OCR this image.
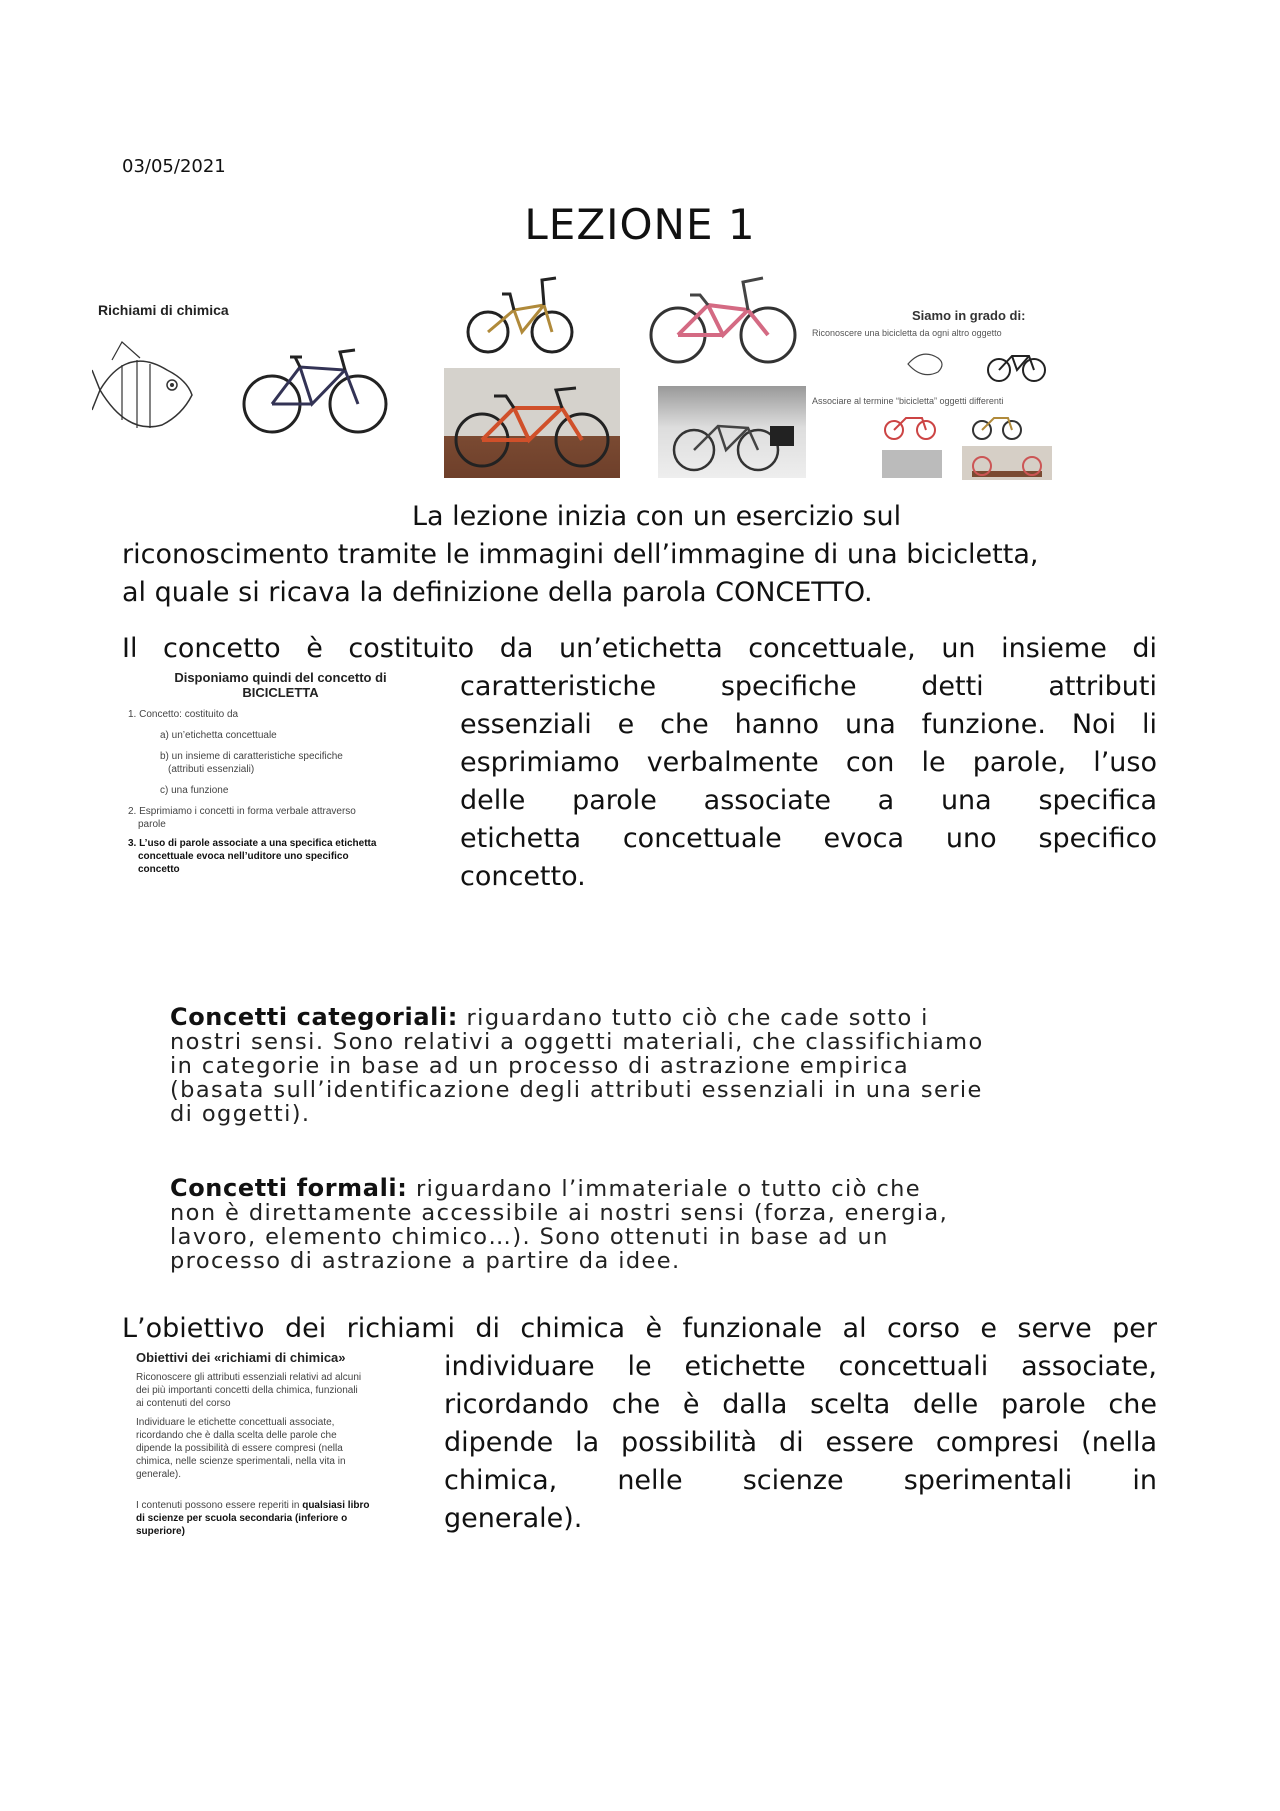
03/05/2021
LEZIONE 1
Richiami di chimica	Siamo in grado di:
Riconoscere una bicicletta da ogni altro oggetto
Associare al termine “bicicletta” oggetti differenti
La lezione inizia con un esercizio sul
riconoscimento tramite le immagini dell’immagine di una bicicletta,
al quale si ricava la definizione della parola CONCETTO.
Il concetto è costituito da un’etichetta concettuale, un insieme di
Disponiamo quindi del concetto di
BICICLETTA
1. Concetto: costituito da
a) un’etichetta concettuale
b) un insieme di caratteristiche specifiche
(attributi essenziali)
c) una funzione
2. Esprimiamo i concetti in forma verbale attraverso
parole
3. L’uso di parole associate a una specifica etichetta
concettuale evoca nell’uditore uno specifico
concetto
caratteristiche specifiche detti attributi
essenziali e che hanno una funzione. Noi li
esprimiamo verbalmente con le parole, l’uso
delle parole associate a una specifica
etichetta concettuale evoca uno specifico
concetto.
Concetti categoriali: riguardano tutto ciò che cade sotto i
nostri sensi. Sono relativi a oggetti materiali, che classifichiamo
in categorie in base ad un processo di astrazione empirica
(basata sull’identificazione degli attributi essenziali in una serie
di oggetti).
Concetti formali: riguardano l’immateriale o tutto ciò che
non è direttamente accessibile ai nostri sensi (forza, energia,
lavoro, elemento chimico…). Sono ottenuti in base ad un
processo di astrazione a partire da idee.
L’obiettivo dei richiami di chimica è funzionale al corso e serve per
Obiettivi dei «richiami di chimica»
Riconoscere gli attributi essenziali relativi ad alcuni
dei più importanti concetti della chimica, funzionali
ai contenuti del corso
Individuare le etichette concettuali associate,
ricordando che è dalla scelta delle parole che
dipende la possibilità di essere compresi (nella
chimica, nelle scienze sperimentali, nella vita in
generale).
I contenuti possono essere reperiti in qualsiasi libro
di scienze per scuola secondaria (inferiore o
superiore)
individuare le etichette concettuali associate,
ricordando che è dalla scelta delle parole che
dipende la possibilità di essere compresi (nella
chimica, nelle scienze sperimentali in
generale).
